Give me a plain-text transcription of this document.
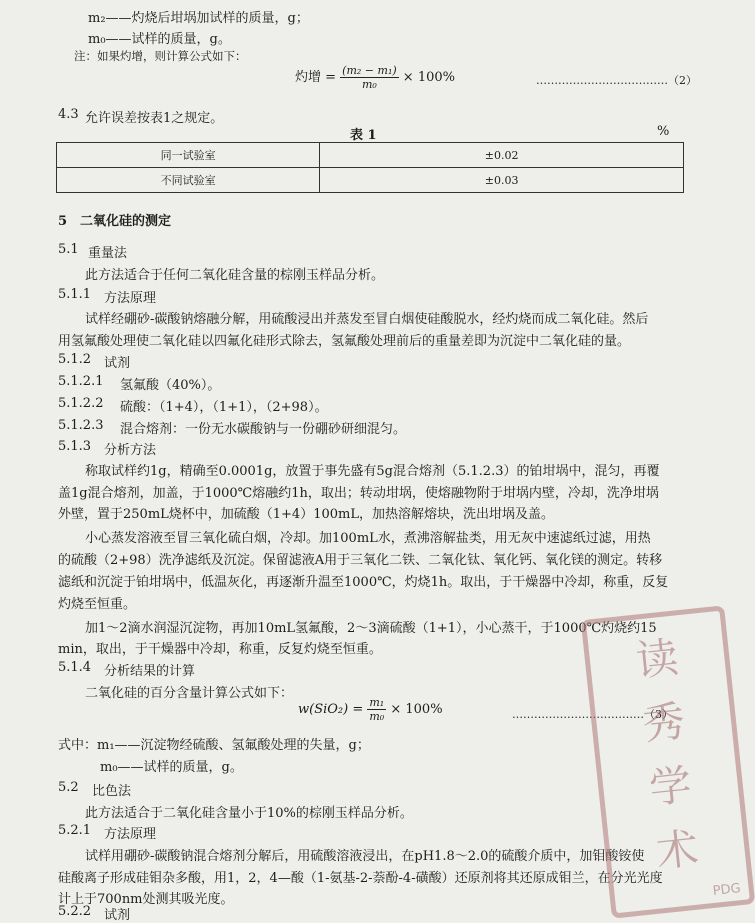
m₂——灼烧后坩埚加试样的质量，g；
m₀——试样的质量，g。
注：如果灼增，则计算公式如下：
灼增 = $\frac{\text{(m₂ − m₁)}}{\text{m₀}} \times 100\%$	………………………………（2）
4.3 允许误差按表1之规定。
表 1	%
同一试验室	±0.02
不同试验室	±0.03
5　二氧化硅的测定
5.1 重量法
此方法适合于任何二氧化硅含量的棕刚玉样品分析。
5.1.1 方法原理
试样经硼砂-碳酸钠熔融分解，用硫酸浸出并蒸发至冒白烟使硅酸脱水，经灼烧而成二氧化硅。然后
用氢氟酸处理使二氧化硅以四氟化硅形式除去，氢氟酸处理前后的重量差即为沉淀中二氧化硅的量。
5.1.2 试剂
5.1.2.1 氢氟酸（40%）。
5.1.2.2 硫酸：（1+4），（1+1），（2+98）。
5.1.2.3 混合熔剂：一份无水碳酸钠与一份硼砂研细混匀。
5.1.3 分析方法
称取试样约1g，精确至0.0001g，放置于事先盛有5g混合熔剂（5.1.2.3）的铂坩埚中，混匀，再覆
盖1g混合熔剂，加盖，于1000℃熔融约1h，取出；转动坩埚，使熔融物附于坩埚内壁，冷却，洗净坩埚
外壁，置于250mL烧杯中，加硫酸（1+4）100mL，加热溶解熔块，洗出坩埚及盖。
小心蒸发溶液至冒三氧化硫白烟，冷却。加100mL水，煮沸溶解盐类，用无灰中速滤纸过滤，用热
的硫酸（2+98）洗净滤纸及沉淀。保留滤液A用于三氧化二铁、二氧化钛、氧化钙、氧化镁的测定。转移
滤纸和沉淀于铂坩埚中，低温灰化，再逐渐升温至1000℃，灼烧1h。取出，于干燥器中冷却，称重，反复
灼烧至恒重。
加1～2滴水润湿沉淀物，再加10mL氢氟酸，2～3滴硫酸（1+1），小心蒸干，于1000℃灼烧约15
min，取出，于干燥器中冷却，称重，反复灼烧至恒重。
5.1.4 分析结果的计算
二氧化硅的百分含量计算公式如下：
$w(SiO_2) = \frac{\text{m₁}}{\text{m₀}} \times 100\%$	………………………………（3）
式中：m₁——沉淀物经硫酸、氢氟酸处理的失量，g；
m₀——试样的质量，g。
5.2 比色法
此方法适合于二氧化硅含量小于10%的棕刚玉样品分析。
5.2.1 方法原理
试样用硼砂-碳酸钠混合熔剂分解后，用硫酸溶液浸出，在pH1.8～2.0的硫酸介质中，加钼酸铵使
硅酸离子形成硅钼杂多酸，用1，2，4—酸（1-氨基-2-萘酚-4-磺酸）还原剂将其还原成钼兰，在分光光度
计上于700nm处测其吸光度。
5.2.2 试剂
读秀学术
PDG
